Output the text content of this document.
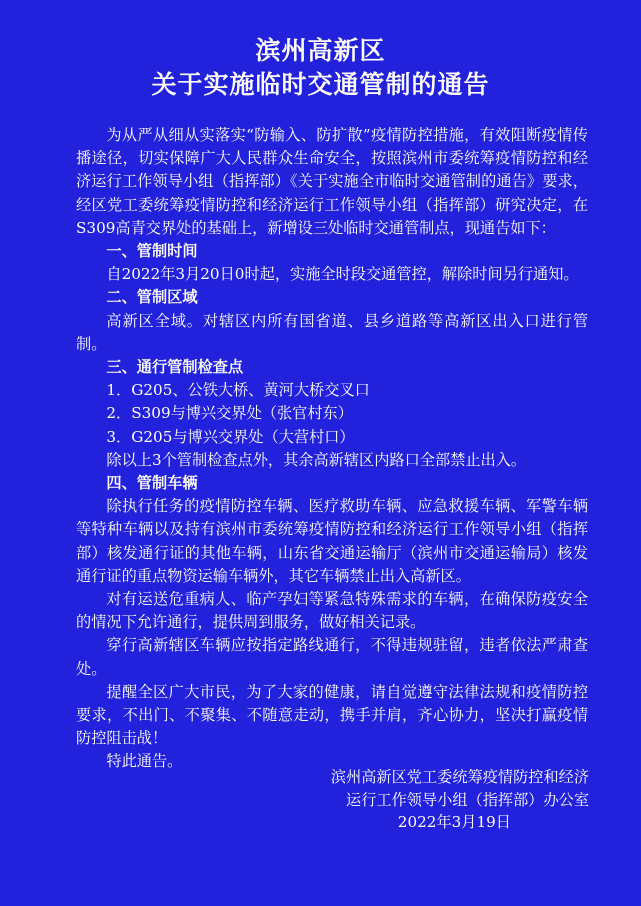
滨州高新区
关于实施临时交通管制的通告

为从严从细从实落实“防输入、防扩散”疫情防控措施，有效阻断疫情传播途径，切实保障广大人民群众生命安全，按照滨州市委统筹疫情防控和经济运行工作领导小组（指挥部）《关于实施全市临时交通管制的通告》要求，经区党工委统筹疫情防控和经济运行工作领导小组（指挥部）研究决定，在S309高青交界处的基础上，新增设三处临时交通管制点，现通告如下：

一、管制时间

自2022年3月20日0时起，实施全时段交通管控，解除时间另行通知。

二、管制区域

高新区全域。对辖区内所有国省道、县乡道路等高新区出入口进行管制。

三、通行管制检查点

1．G205、公铁大桥、黄河大桥交叉口

2．S309与博兴交界处（张官村东）

3．G205与博兴交界处（大营村口）

除以上3个管制检查点外，其余高新辖区内路口全部禁止出入。

四、管制车辆

除执行任务的疫情防控车辆、医疗救助车辆、应急救援车辆、军警车辆等特种车辆以及持有滨州市委统筹疫情防控和经济运行工作领导小组（指挥部）核发通行证的其他车辆，山东省交通运输厅（滨州市交通运输局）核发通行证的重点物资运输车辆外，其它车辆禁止出入高新区。

对有运送危重病人、临产孕妇等紧急特殊需求的车辆，在确保防疫安全的情况下允许通行，提供周到服务，做好相关记录。

穿行高新辖区车辆应按指定路线通行，不得违规驻留，违者依法严肃查处。

提醒全区广大市民，为了大家的健康，请自觉遵守法律法规和疫情防控要求，不出门、不聚集、不随意走动，携手并肩，齐心协力，坚决打赢疫情防控阻击战！

特此通告。

滨州高新区党工委统筹疫情防控和经济
运行工作领导小组（指挥部）办公室
2022年3月19日
